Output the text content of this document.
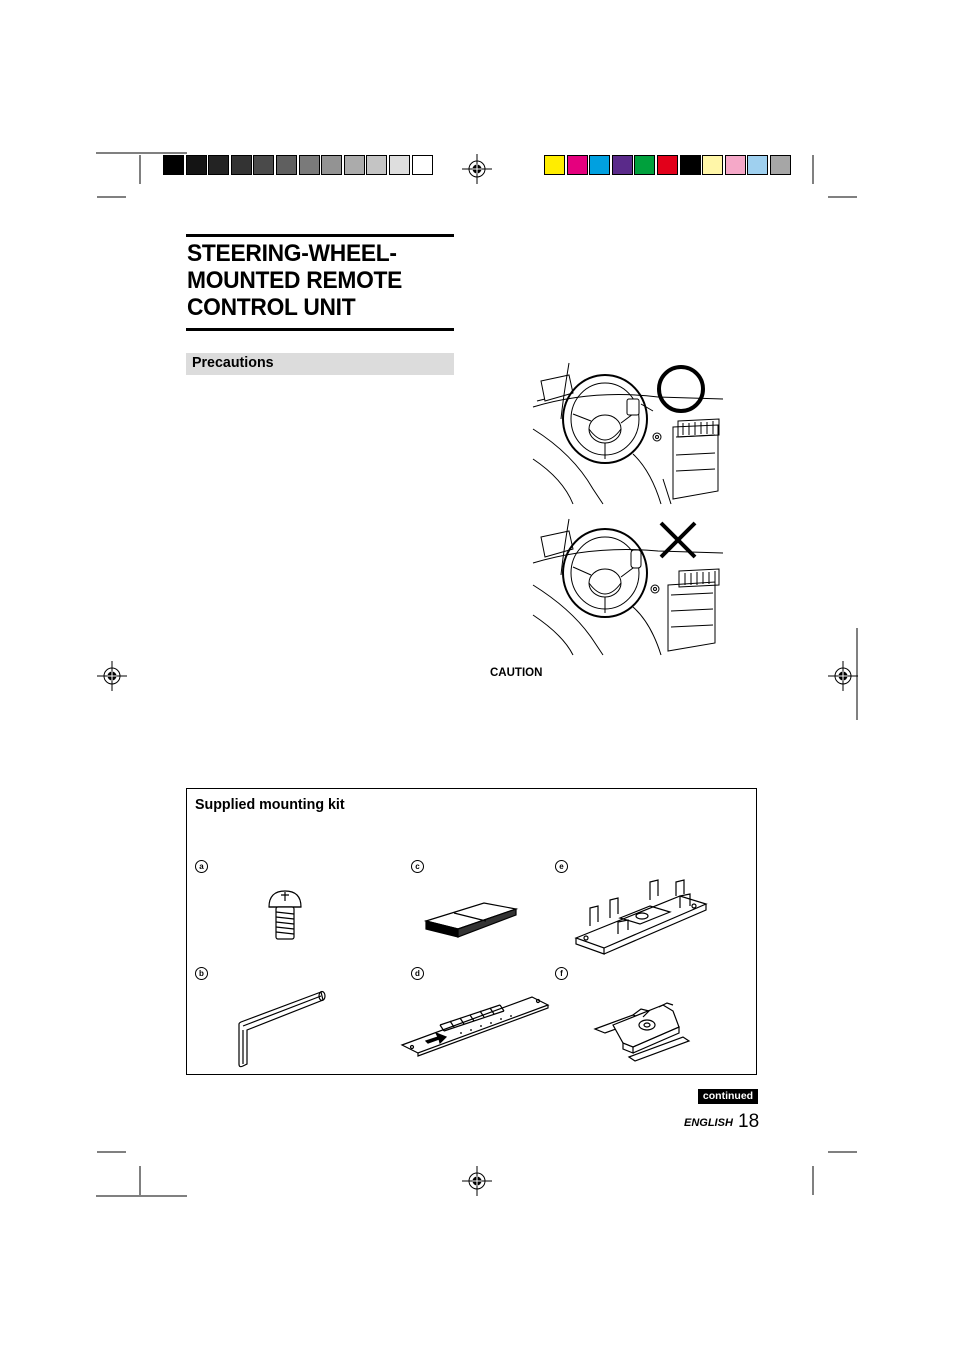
STEERING-WHEEL-
MOUNTED REMOTE
CONTROL UNIT
Precautions
CAUTION
Supplied mounting kit
a
b
c
d
e
f
continued
ENGLISH 18
